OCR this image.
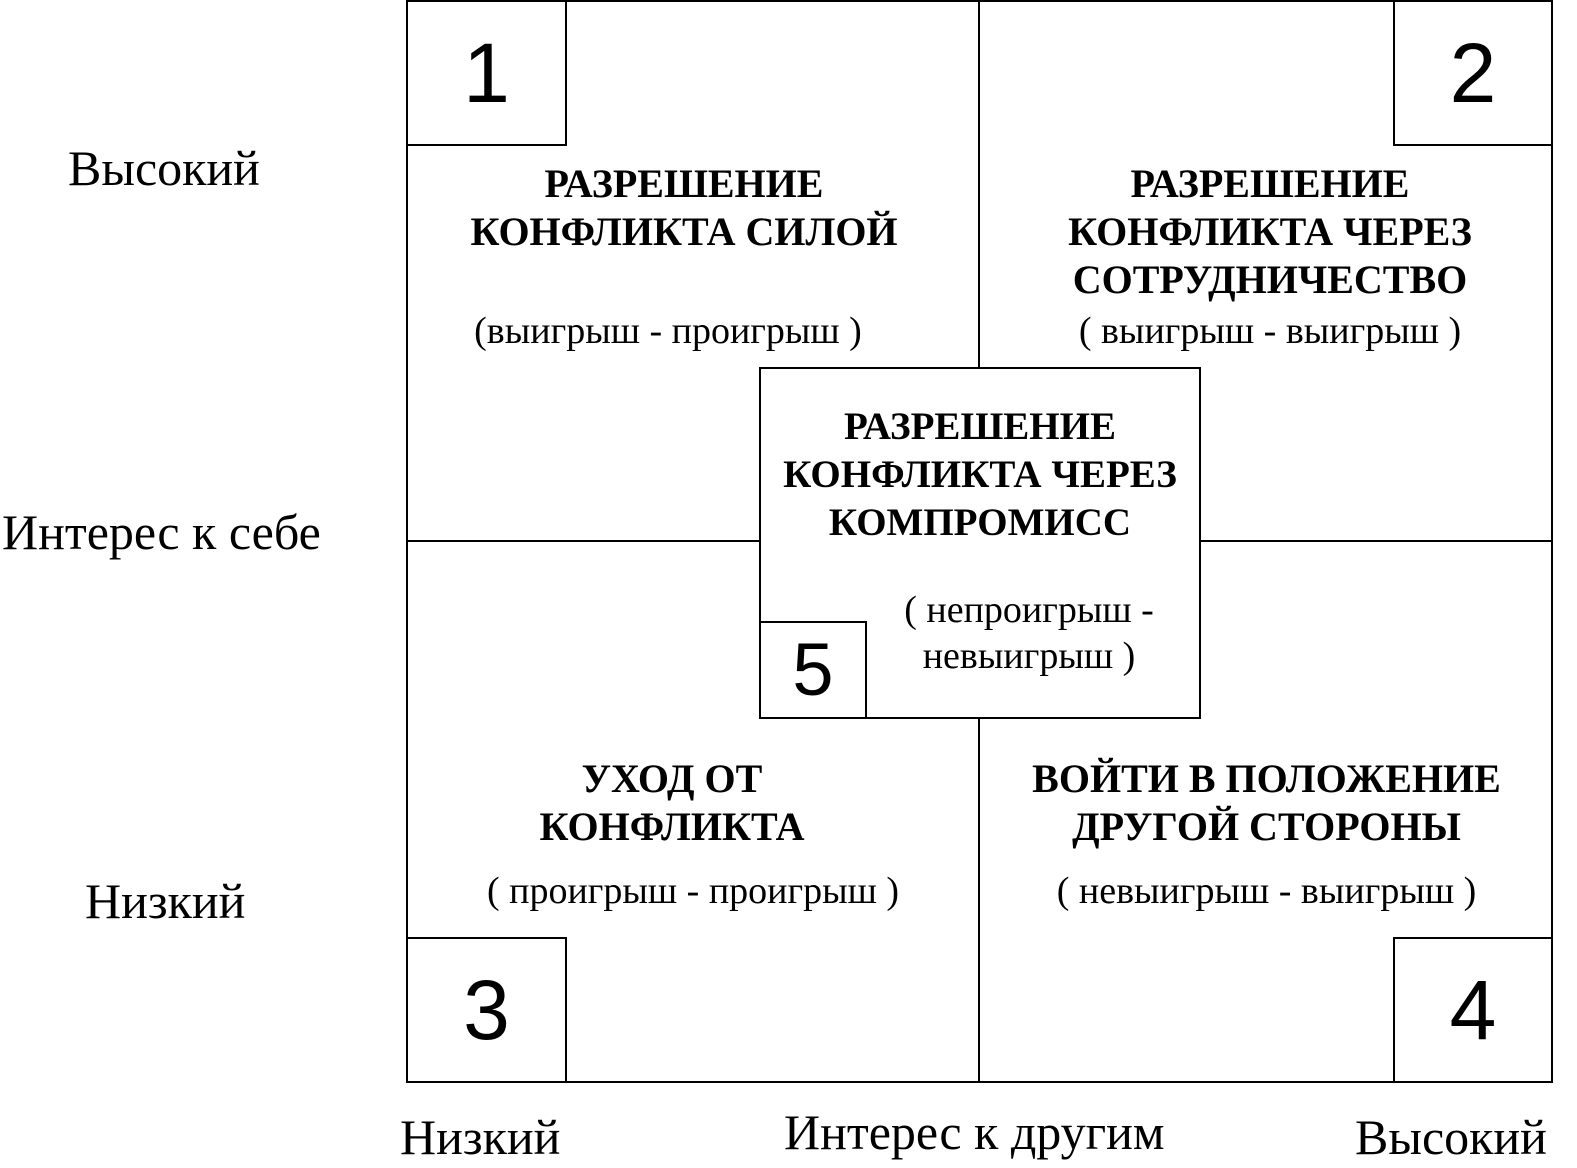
Высокий
Интерес к себе
Низкий
Низкий	Интерес к другим	Высокий
1
РАЗРЕШЕНИЕ
КОНФЛИКТА СИЛОЙ
(выигрыш - проигрыш )
2
РАЗРЕШЕНИЕ
КОНФЛИКТА ЧЕРЕЗ
СОТРУДНИЧЕСТВО
( выигрыш - выигрыш )
УХОД ОТ
КОНФЛИКТА
( проигрыш - проигрыш )
3
ВОЙТИ В ПОЛОЖЕНИЕ
ДРУГОЙ СТОРОНЫ
( невыигрыш - выигрыш )
4
РАЗРЕШЕНИЕ
КОНФЛИКТА ЧЕРЕЗ
КОМПРОМИСС
( непроигрыш -
невыигрыш )
5
